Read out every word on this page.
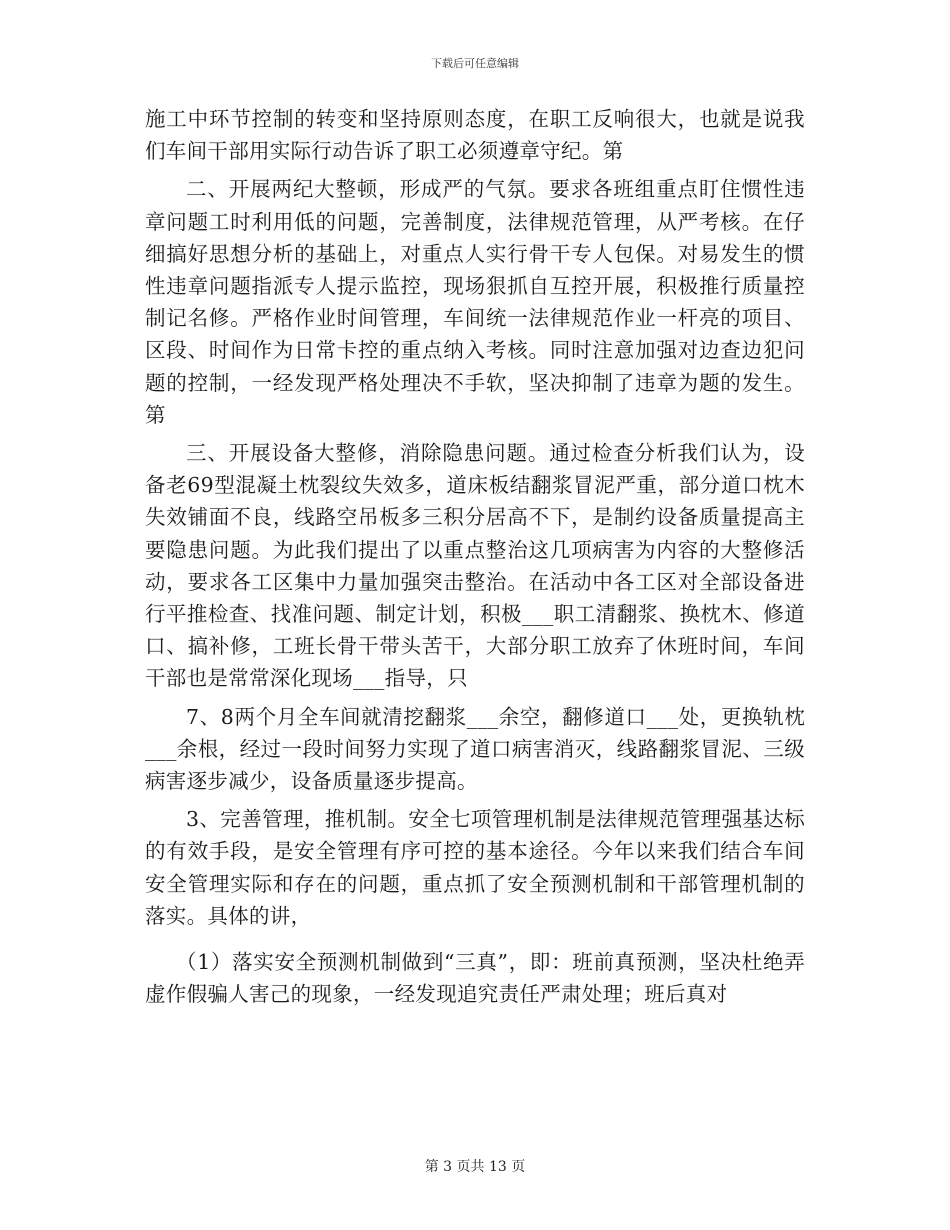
下载后可任意编辑

施工中环节控制的转变和坚持原则态度，在职工反响很大，也就是说我们车间干部用实际行动告诉了职工必须遵章守纪。第

二、开展两纪大整顿，形成严的气氛。要求各班组重点盯住惯性违章问题工时利用低的问题，完善制度，法律规范管理，从严考核。在仔细搞好思想分析的基础上，对重点人实行骨干专人包保。对易发生的惯性违章问题指派专人提示监控，现场狠抓自互控开展，积极推行质量控制记名修。严格作业时间管理，车间统一法律规范作业一杆亮的项目、区段、时间作为日常卡控的重点纳入考核。同时注意加强对边查边犯问题的控制，一经发现严格处理决不手软，坚决抑制了违章为题的发生。第

三、开展设备大整修，消除隐患问题。通过检查分析我们认为，设备老69型混凝土枕裂纹失效多，道床板结翻浆冒泥严重，部分道口枕木失效铺面不良，线路空吊板多三积分居高不下，是制约设备质量提高主要隐患问题。为此我们提出了以重点整治这几项病害为内容的大整修活动，要求各工区集中力量加强突击整治。在活动中各工区对全部设备进行平推检查、找准问题、制定计划，积极___职工清翻浆、换枕木、修道口、搞补修，工班长骨干带头苦干，大部分职工放弃了休班时间，车间干部也是常常深化现场___指导，只

7、8两个月全车间就清挖翻浆___余空，翻修道口___处，更换轨枕___余根，经过一段时间努力实现了道口病害消灭，线路翻浆冒泥、三级病害逐步减少，设备质量逐步提高。

3、完善管理，推机制。安全七项管理机制是法律规范管理强基达标的有效手段，是安全管理有序可控的基本途径。今年以来我们结合车间安全管理实际和存在的问题，重点抓了安全预测机制和干部管理机制的落实。具体的讲，

（1）落实安全预测机制做到“三真”，即：班前真预测，坚决杜绝弄虚作假骗人害己的现象，一经发现追究责任严肃处理；班后真对

第 3 页共 13 页
